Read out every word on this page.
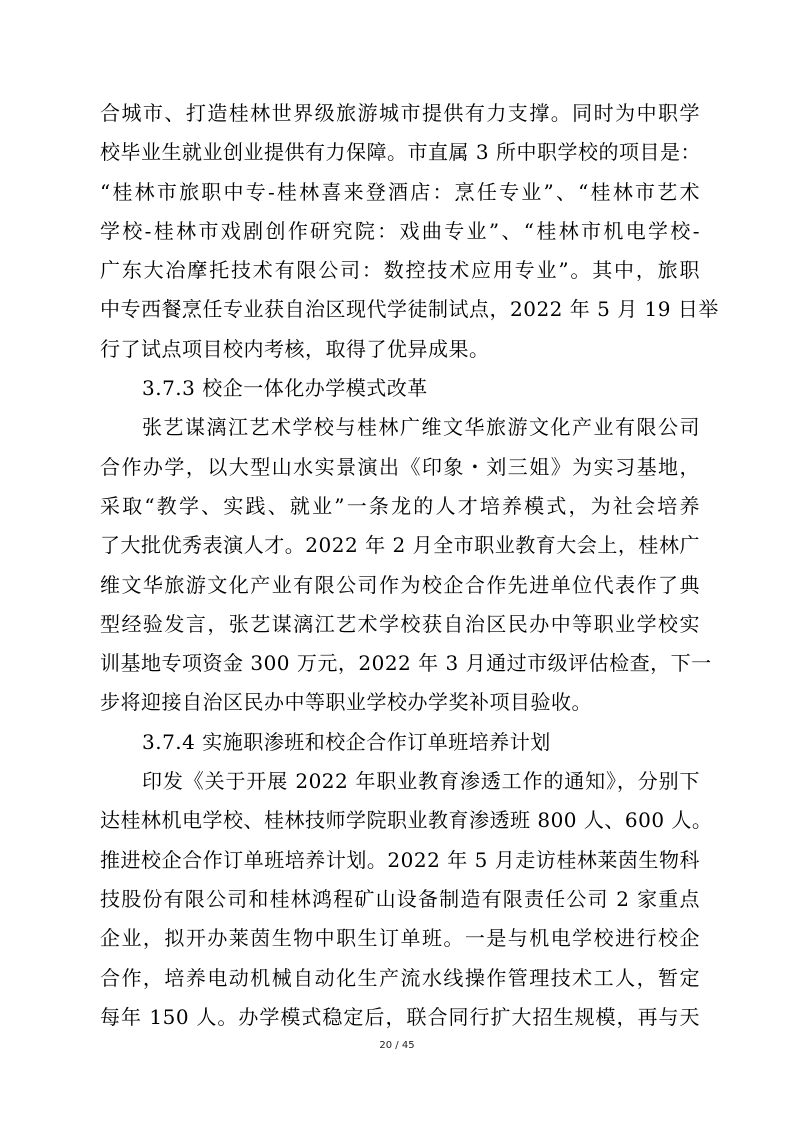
合城市、打造桂林世界级旅游城市提供有力支撑。同时为中职学
校毕业生就业创业提供有力保障。市直属 3 所中职学校的项目是：
“桂林市旅职中专-桂林喜来登酒店：烹任专业”、“桂林市艺术
学校-桂林市戏剧创作研究院：戏曲专业”、“桂林市机电学校-
广东大冶摩托技术有限公司：数控技术应用专业”。其中，旅职
中专西餐烹任专业获自治区现代学徒制试点，2022 年 5 月 19 日举
行了试点项目校内考核，取得了优异成果。
3.7.3 校企一体化办学模式改革
张艺谋漓江艺术学校与桂林广维文华旅游文化产业有限公司
合作办学，以大型山水实景演出《印象・刘三姐》为实习基地，
采取“教学、实践、就业”一条龙的人才培养模式，为社会培养
了大批优秀表演人才。2022 年 2 月全市职业教育大会上，桂林广
维文华旅游文化产业有限公司作为校企合作先进单位代表作了典
型经验发言，张艺谋漓江艺术学校获自治区民办中等职业学校实
训基地专项资金 300 万元，2022 年 3 月通过市级评估检查，下一
步将迎接自治区民办中等职业学校办学奖补项目验收。
3.7.4 实施职渗班和校企合作订单班培养计划
印发《关于开展 2022 年职业教育渗透工作的通知》，分别下
达桂林机电学校、桂林技师学院职业教育渗透班 800 人、600 人。
推进校企合作订单班培养计划。2022 年 5 月走访桂林莱茵生物科
技股份有限公司和桂林鸿程矿山设备制造有限责任公司 2 家重点
企业，拟开办莱茵生物中职生订单班。一是与机电学校进行校企
合作，培养电动机械自动化生产流水线操作管理技术工人，暂定
每年 150 人。办学模式稳定后，联合同行扩大招生规模，再与天
20 / 45
